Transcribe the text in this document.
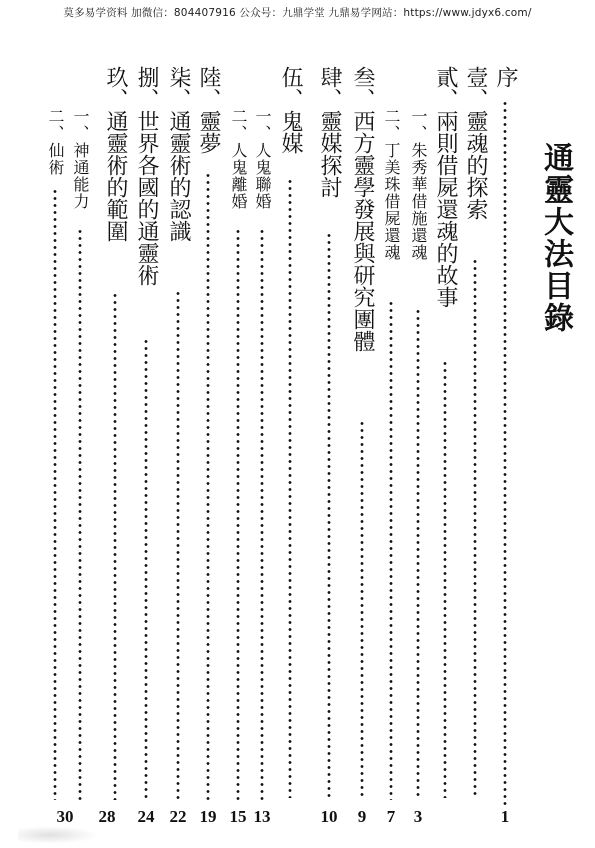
莫多易学资料 加微信：804407916 公众号：九鼎学堂 九鼎易学网站：https://www.jdyx6.com/
通靈大法目錄
序
1
壹、靈魂的探索
貳、兩則借屍還魂的故事
一、朱秀華借施還魂
3
二、丁美珠借屍還魂
7
叁、西方靈學發展與研究團體
9
肆、靈媒探討
10
伍、鬼媒
一、人鬼聯婚
13
二、人鬼離婚
15
陸、靈夢
19
柒、通靈術的認識
22
捌、世界各國的通靈術
24
玖、通靈術的範圍
28
一、神通能力
二、仙術
30
